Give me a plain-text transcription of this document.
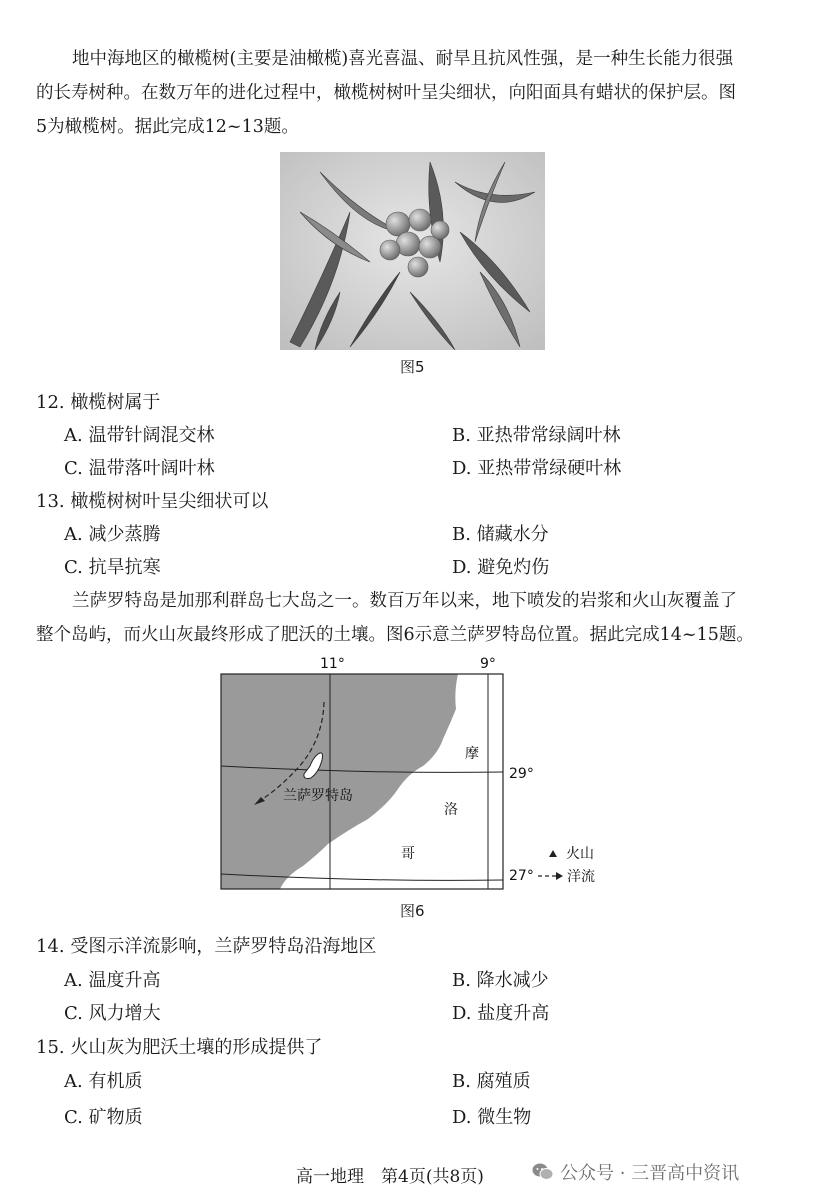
地中海地区的橄榄树(主要是油橄榄)喜光喜温、耐旱且抗风性强，是一种生长能力很强
的长寿树种。在数万年的进化过程中，橄榄树树叶呈尖细状，向阳面具有蜡状的保护层。图
5为橄榄树。据此完成12~13题。
图5
12. 橄榄树属于
A. 温带针阔混交林	B. 亚热带常绿阔叶林
C. 温带落叶阔叶林	D. 亚热带常绿硬叶林
13. 橄榄树树叶呈尖细状可以
A. 减少蒸腾	B. 储藏水分
C. 抗旱抗寒	D. 避免灼伤
兰萨罗特岛是加那利群岛七大岛之一。数百万年以来，地下喷发的岩浆和火山灰覆盖了
整个岛屿，而火山灰最终形成了肥沃的土壤。图6示意兰萨罗特岛位置。据此完成14~15题。
兰萨罗特岛
11°	9°
29°
27°
摩
洛
哥	火山
洋流
图6
14. 受图示洋流影响，兰萨罗特岛沿海地区
A. 温度升高	B. 降水减少
C. 风力增大	D. 盐度升高
15. 火山灰为肥沃土壤的形成提供了
A. 有机质	B. 腐殖质
C. 矿物质	D. 微生物
高一地理　第4页(共8页)	公众号 · 三晋高中资讯
